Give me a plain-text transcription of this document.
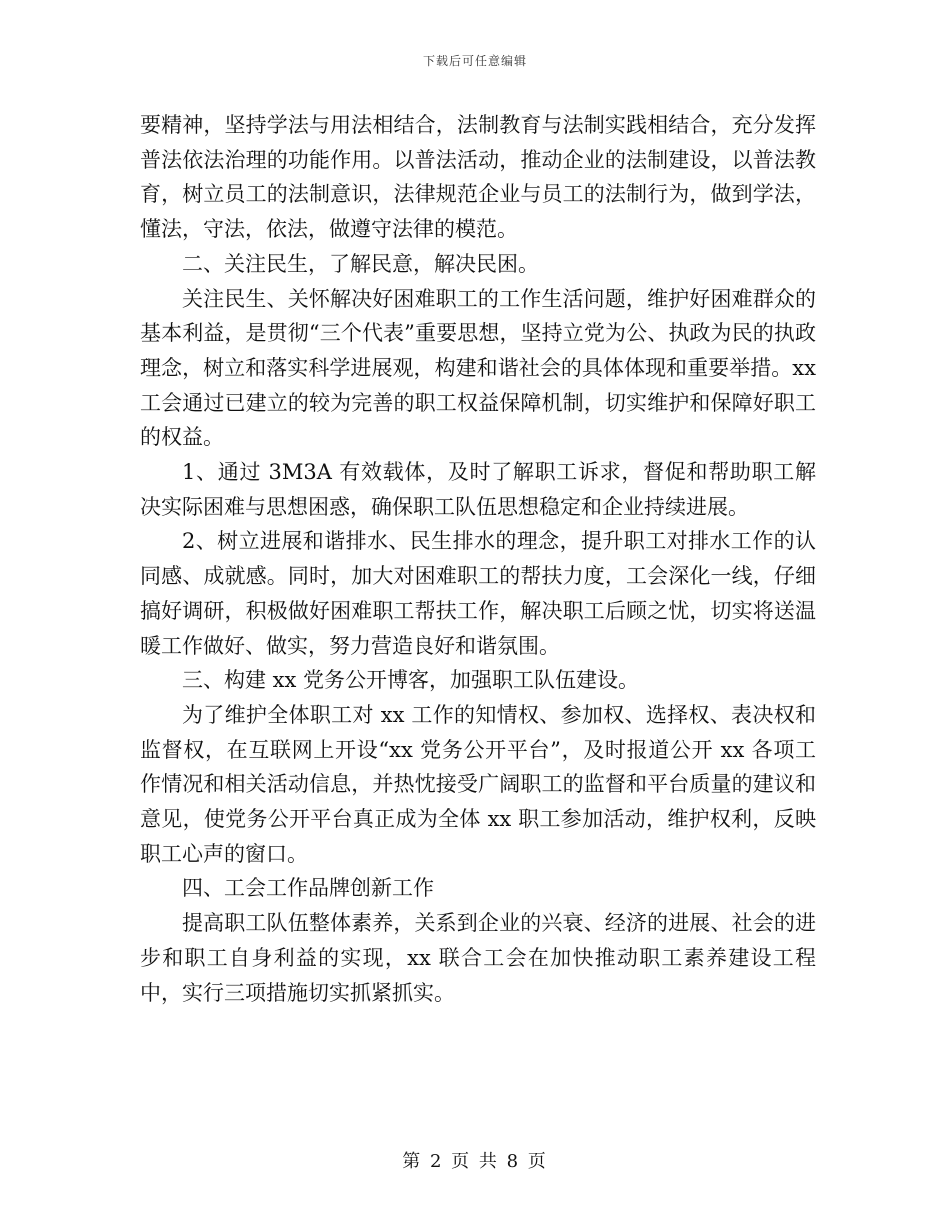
下载后可任意编辑

要精神，坚持学法与用法相结合，法制教育与法制实践相结合，充分发挥普法依法治理的功能作用。以普法活动，推动企业的法制建设，以普法教育，树立员工的法制意识，法律规范企业与员工的法制行为，做到学法，懂法，守法，依法，做遵守法律的模范。

二、关注民生，了解民意，解决民困。

关注民生、关怀解决好困难职工的工作生活问题，维护好困难群众的基本利益，是贯彻“三个代表”重要思想，坚持立党为公、执政为民的执政理念，树立和落实科学进展观，构建和谐社会的具体体现和重要举措。xx 工会通过已建立的较为完善的职工权益保障机制，切实维护和保障好职工的权益。

1、通过 3M3A 有效载体，及时了解职工诉求，督促和帮助职工解决实际困难与思想困惑，确保职工队伍思想稳定和企业持续进展。

2、树立进展和谐排水、民生排水的理念，提升职工对排水工作的认同感、成就感。同时，加大对困难职工的帮扶力度，工会深化一线，仔细搞好调研，积极做好困难职工帮扶工作，解决职工后顾之忧，切实将送温暖工作做好、做实，努力营造良好和谐氛围。

三、构建 xx 党务公开博客，加强职工队伍建设。

为了维护全体职工对 xx 工作的知情权、参加权、选择权、表决权和监督权，在互联网上开设“xx 党务公开平台”，及时报道公开 xx 各项工作情况和相关活动信息，并热忱接受广阔职工的监督和平台质量的建议和意见，使党务公开平台真正成为全体 xx 职工参加活动，维护权利，反映职工心声的窗口。

四、工会工作品牌创新工作

提高职工队伍整体素养，关系到企业的兴衰、经济的进展、社会的进步和职工自身利益的实现，xx 联合工会在加快推动职工素养建设工程中，实行三项措施切实抓紧抓实。

第 2 页 共 8 页
